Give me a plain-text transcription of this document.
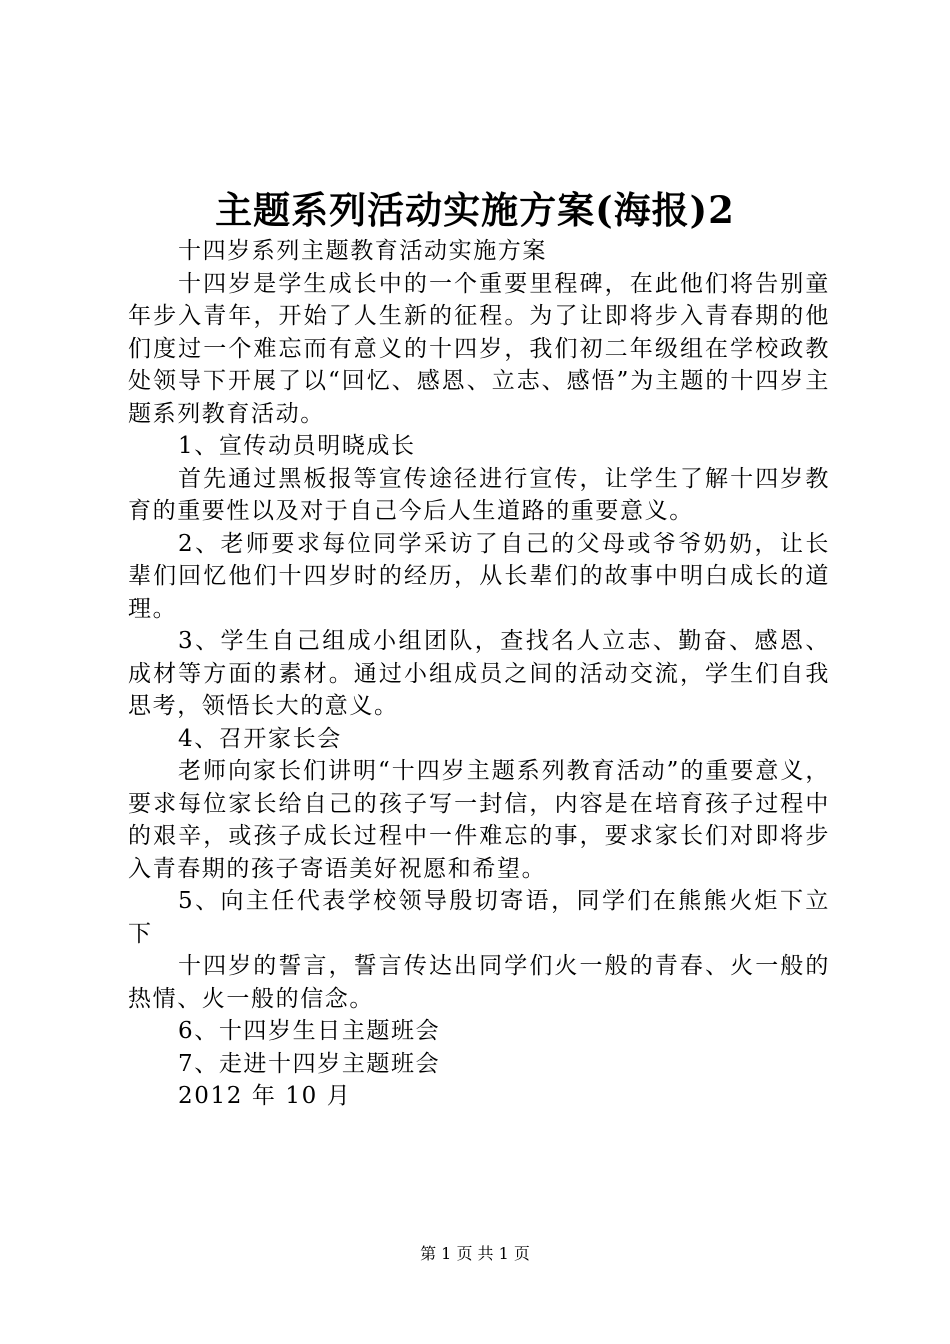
主题系列活动实施方案(海报)2

十四岁系列主题教育活动实施方案

十四岁是学生成长中的一个重要里程碑，在此他们将告别童年步入青年，开始了人生新的征程。为了让即将步入青春期的他们度过一个难忘而有意义的十四岁，我们初二年级组在学校政教处领导下开展了以“回忆、感恩、立志、感悟”为主题的十四岁主题系列教育活动。

1、宣传动员明晓成长

首先通过黑板报等宣传途径进行宣传，让学生了解十四岁教育的重要性以及对于自己今后人生道路的重要意义。

2、老师要求每位同学采访了自己的父母或爷爷奶奶，让长辈们回忆他们十四岁时的经历，从长辈们的故事中明白成长的道理。

3、学生自己组成小组团队，查找名人立志、勤奋、感恩、成材等方面的素材。通过小组成员之间的活动交流，学生们自我思考，领悟长大的意义。

4、召开家长会

老师向家长们讲明“十四岁主题系列教育活动”的重要意义，要求每位家长给自己的孩子写一封信，内容是在培育孩子过程中的艰辛，或孩子成长过程中一件难忘的事，要求家长们对即将步入青春期的孩子寄语美好祝愿和希望。

5、向主任代表学校领导殷切寄语，同学们在熊熊火炬下立下

十四岁的誓言，誓言传达出同学们火一般的青春、火一般的热情、火一般的信念。

6、十四岁生日主题班会

7、走进十四岁主题班会

2012 年 10 月

第 1 页 共 1 页
